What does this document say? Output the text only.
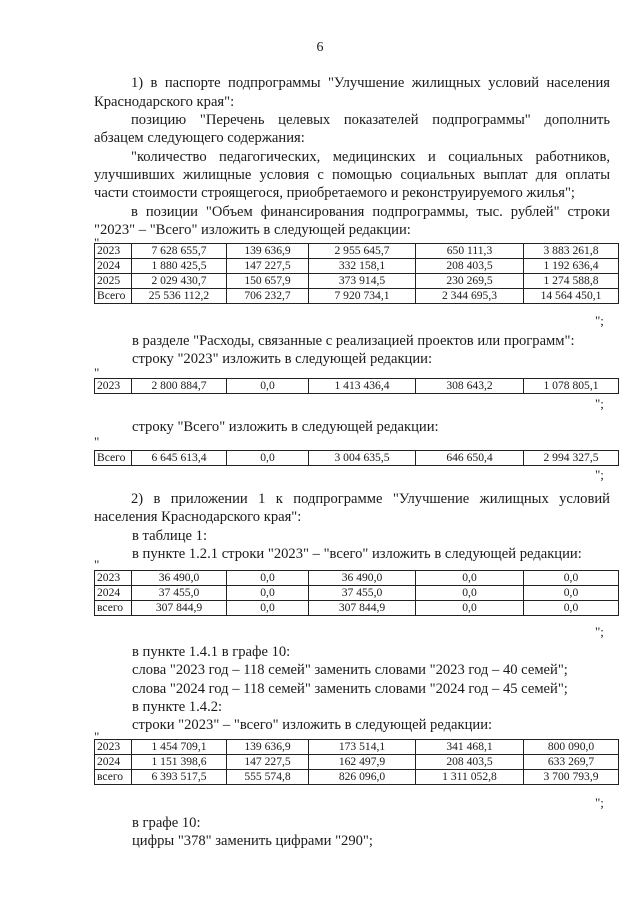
6

1) в паспорте подпрограммы "Улучшение жилищных условий населения

Краснодарского края":

позицию "Перечень целевых показателей подпрограммы" дополнить

абзацем следующего содержания:

"количество педагогических, медицинских и социальных работников,

улучшивших жилищные условия с помощью социальных выплат для оплаты

части стоимости строящегося, приобретаемого и реконструируемого жилья";

в позиции "Объем финансирования подпрограммы, тыс. рублей" строки

"2023" – "Всего" изложить в следующей редакции:

"
2023	7 628 655,7	139 636,9	2 955 645,7	650 111,3	3 883 261,8
2024	1 880 425,5	147 227,5	332 158,1	208 403,5	1 192 636,4
2025	2 029 430,7	150 657,9	373 914,5	230 269,5	1 274 588,8
Всего	25 536 112,2	706 232,7	7 920 734,1	2 344 695,3	14 564 450,1
";

в разделе "Расходы, связанные с реализацией проектов или программ":

строку "2023" изложить в следующей редакции:

"
2023	2 800 884,7	0,0	1 413 436,4	308 643,2	1 078 805,1
";

строку "Всего" изложить в следующей редакции:

"
Всего	6 645 613,4	0,0	3 004 635,5	646 650,4	2 994 327,5
";

2) в приложении 1 к подпрограмме "Улучшение жилищных условий

населения Краснодарского края":

в таблице 1:

в пункте 1.2.1 строки "2023" – "всего" изложить в следующей редакции:

"
2023	36 490,0	0,0	36 490,0	0,0	0,0
2024	37 455,0	0,0	37 455,0	0,0	0,0
всего	307 844,9	0,0	307 844,9	0,0	0,0
";

в пункте 1.4.1 в графе 10:

слова "2023 год – 118 семей" заменить словами "2023 год – 40 семей";

слова "2024 год – 118 семей" заменить словами "2024 год – 45 семей";

в пункте 1.4.2:

строки "2023" – "всего" изложить в следующей редакции:

"
2023	1 454 709,1	139 636,9	173 514,1	341 468,1	800 090,0
2024	1 151 398,6	147 227,5	162 497,9	208 403,5	633 269,7
всего	6 393 517,5	555 574,8	826 096,0	1 311 052,8	3 700 793,9
";

в графе 10:

цифры "378" заменить цифрами "290";
